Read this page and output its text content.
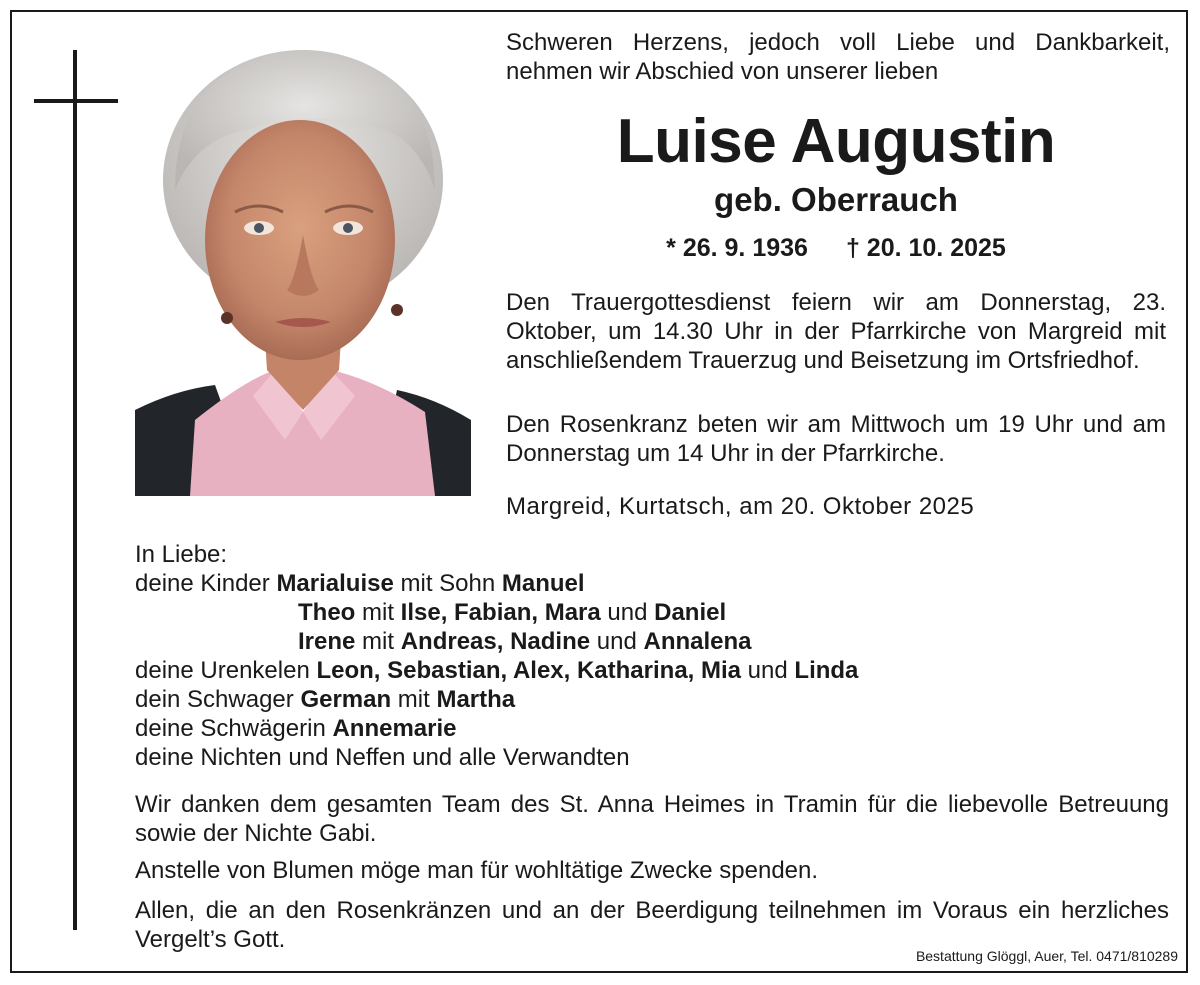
Schweren Herzens, jedoch voll Liebe und Dankbarkeit, nehmen wir Abschied von unserer lieben
Luise Augustin
geb. Oberrauch
* 26. 9. 1936 † 20. 10. 2025
Den Trauergottesdienst feiern wir am Donnerstag, 23. Oktober, um 14.30 Uhr in der Pfarrkirche von Margreid mit anschließendem Trauerzug und Beisetzung im Ortsfriedhof.
Den Rosenkranz beten wir am Mittwoch um 19 Uhr und am Donnerstag um 14 Uhr in der Pfarrkirche.
Margreid, Kurtatsch, am 20. Oktober 2025
In Liebe:
deine Kinder Marialuise mit Sohn Manuel
Theo mit Ilse, Fabian, Mara und Daniel
Irene mit Andreas, Nadine und Annalena
deine Urenkelen Leon, Sebastian, Alex, Katharina, Mia und Linda
dein Schwager German mit Martha
deine Schwägerin Annemarie
deine Nichten und Neffen und alle Verwandten
Wir danken dem gesamten Team des St. Anna Heimes in Tramin für die liebevolle Betreuung sowie der Nichte Gabi.
Anstelle von Blumen möge man für wohltätige Zwecke spenden.
Allen, die an den Rosenkränzen und an der Beerdigung teilnehmen im Voraus ein herzliches Vergelt’s Gott.
Bestattung Glöggl, Auer, Tel. 0471/810289
